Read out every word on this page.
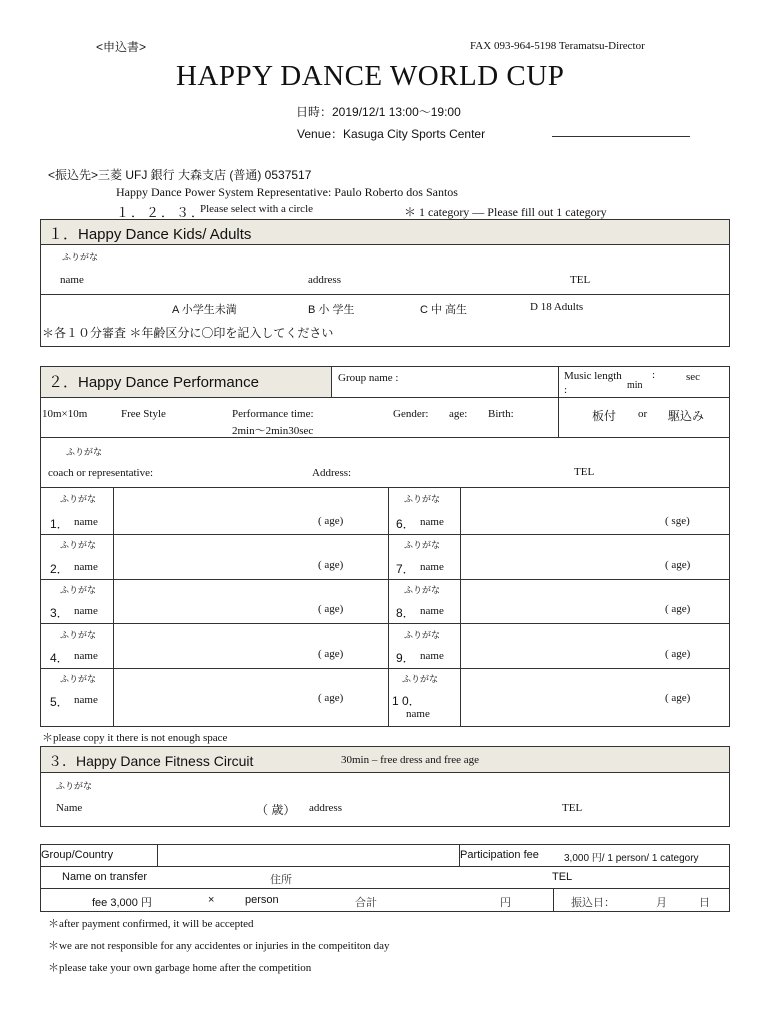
<申込書>	FAX 093-964-5198 Teramatsu-Director
HAPPY DANCE WORLD CUP
日時：2019/12/1 13:00～19:00
Venue：Kasuga City Sports Center
<振込先>三菱 UFJ 銀行 大森支店 (普通) 0537517
Happy Dance Power System Representative: Paulo Roberto dos Santos
１．２．３．
Please select with a circle	＊ 1 category ― Please fill out 1 category
１．Happy Dance Kids/ Adults
ふりがな
name	address	TEL
A 小学生未満	B 小 学生	C 中 高生	D 18 Adults
＊各１０分審査 ＊年齢区分に〇印を記入してください
２．Happy Dance Performance	Group name :	Music length :	min
:	sec
10m×10m	Free Style	Performance time:
2min～2min30sec
Gender: age: Birth:	板付 or 駆込み
ふりがな
coach or representative:	Address:	TEL
ふりがな
1． name	( age)
ふりがな
2． name	( age)
ふりがな
3． name	( age)
ふりがな
4． name	( age)
ふりがな
5． name	( age)
ふりがな
6． name	( sge)
ふりがな
7． name	( age)
ふりがな
8． name	( age)
ふりがな
9． name	( age)
ふりがな
1 0．
name
( age)
＊please copy it there is not enough space
３．Happy Dance Fitness Circuit	30min – free dress and free age
ふりがな
Name	（ 歳） address	TEL
Group/Country	Participation fee	3,000 円/ 1 person/ 1 category
Name on transfer	住所	TEL
fee 3,000 円	×	person	合計	円	振込日：	月	日
＊after payment confirmed, it will be accepted
＊we are not responsible for any accidentes or injuries in the compeititon day
＊please take your own garbage home after the competition
